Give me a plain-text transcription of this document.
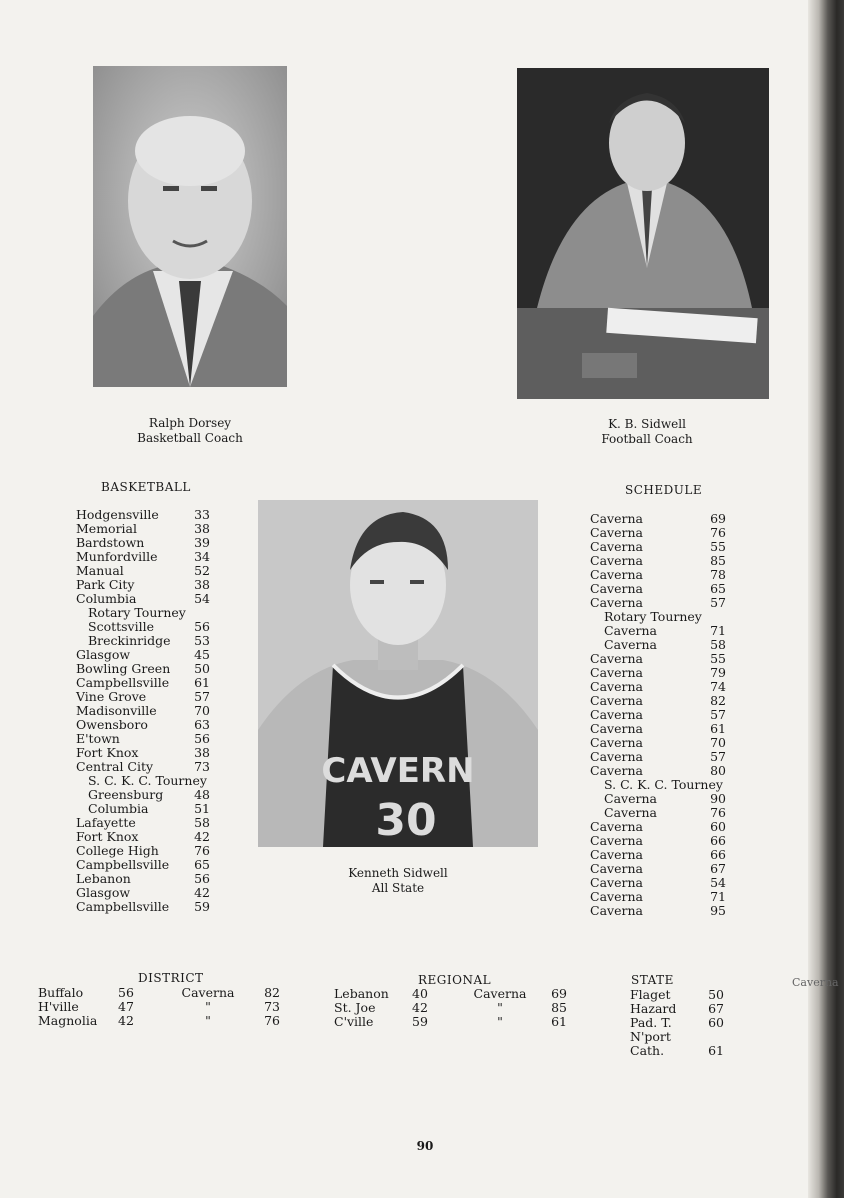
Ralph Dorsey
Basketball Coach
K. B. Sidwell
Football Coach
CAVERN
30
Kenneth Sidwell
All State
BASKETBALL
Hodgensville	33
Memorial	38
Bardstown	39
Munfordville	34
Manual	52
Park City	38
Columbia	54
Rotary Tourney
Scottsville	56
Breckinridge	53
Glasgow	45
Bowling Green	50
Campbellsville	61
Vine Grove	57
Madisonville	70
Owensboro	63
E'town	56
Fort Knox	38
Central City	73
S. C. K. C. Tourney
Greensburg	48
Columbia	51
Lafayette	58
Fort Knox	42
College High	76
Campbellsville	65
Lebanon	56
Glasgow	42
Campbellsville	59
SCHEDULE
Caverna	69
Caverna	76
Caverna	55
Caverna	85
Caverna	78
Caverna	65
Caverna	57
Rotary Tourney
Caverna	71
Caverna	58
Caverna	55
Caverna	79
Caverna	74
Caverna	82
Caverna	57
Caverna	61
Caverna	70
Caverna	57
Caverna	80
S. C. K. C. Tourney
Caverna	90
Caverna	76
Caverna	60
Caverna	66
Caverna	66
Caverna	67
Caverna	54
Caverna	71
Caverna	95
DISTRICT
Buffalo	56	Caverna	82
H'ville	47	"	73
Magnolia	42	"	76
REGIONAL
Lebanon	40	Caverna	69
St. Joe	42	"	85
C'ville	59	"	61
STATE
Flaget	50
Hazard	67
Pad. T.	60
N'port
Cath.	61
Caverna
90
